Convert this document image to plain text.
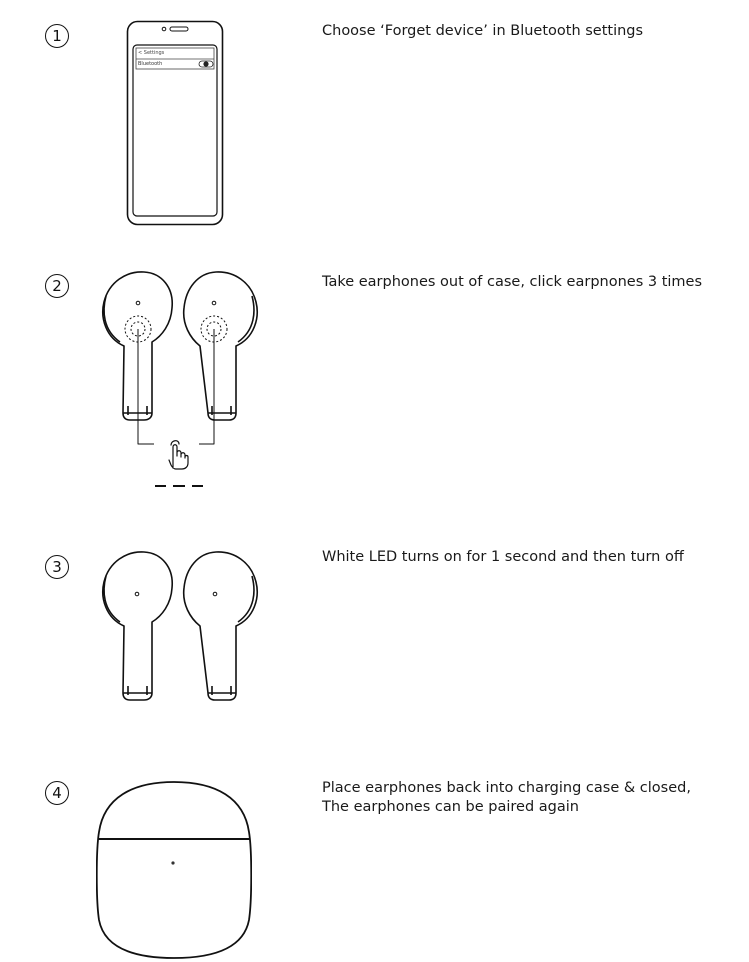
1
< Settings
Bluetooth
Choose ‘Forget device’ in Bluetooth settings
2	Take earphones out of case, click earpnones 3 times
3
White LED turns on for 1 second and then turn off
4	Place earphones back into charging case & closed,
The earphones can be paired again
